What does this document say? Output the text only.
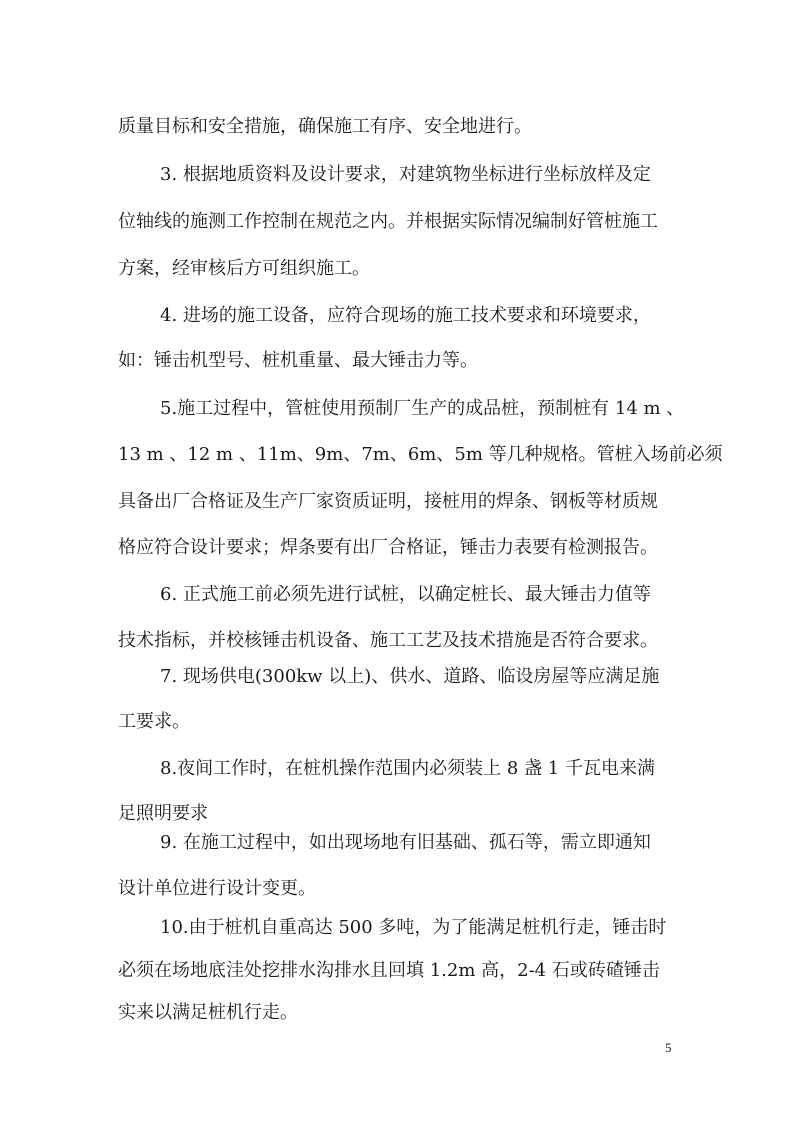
质量目标和安全措施，确保施工有序、安全地进行。
3. 根据地质资料及设计要求，对建筑物坐标进行坐标放样及定
位轴线的施测工作控制在规范之内。并根据实际情况编制好管桩施工
方案，经审核后方可组织施工。
4. 进场的施工设备，应符合现场的施工技术要求和环境要求，
如：锤击机型号、桩机重量、最大锤击力等。
5.施工过程中，管桩使用预制厂生产的成品桩，预制桩有 14 m 、
13 m 、12 m 、11m、9m、7m、6m、5m 等几种规格。管桩入场前必须
具备出厂合格证及生产厂家资质证明，接桩用的焊条、钢板等材质规
格应符合设计要求；焊条要有出厂合格证，锤击力表要有检测报告。
6. 正式施工前必须先进行试桩，以确定桩长、最大锤击力值等
技术指标，并校核锤击机设备、施工工艺及技术措施是否符合要求。
7. 现场供电(300kw 以上)、供水、道路、临设房屋等应满足施
工要求。
8.夜间工作时，在桩机操作范围内必须装上 8 盏 1 千瓦电来满
足照明要求
9. 在施工过程中，如出现场地有旧基础、孤石等，需立即通知
设计单位进行设计变更。
10.由于桩机自重高达 500 多吨，为了能满足桩机行走，锤击时
必须在场地底洼处挖排水沟排水且回填 1.2m 高，2-4 石或砖碴锤击
实来以满足桩机行走。
5
